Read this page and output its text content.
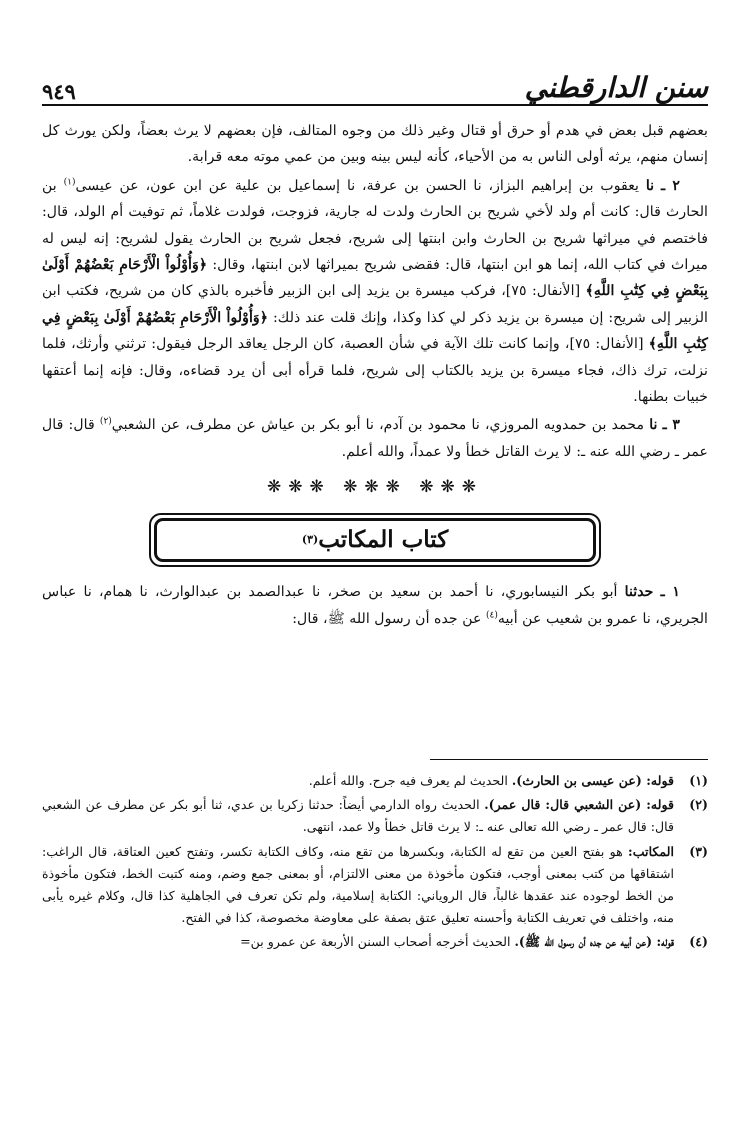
سنن الدارقطني
٩٤٩

بعضهم قبل بعض في هدم أو حرق أو قتال وغير ذلك من وجوه المتالف، فإن بعضهم لا يرث بعضاً، ولكن يورث كل إنسان منهم، يرثه أولى الناس به من الأحياء، كأنه ليس بينه وبين من عمي موته معه قرابة.

٢ ـ نا يعقوب بن إبراهيم البزاز، نا الحسن بن عرفة، نا إسماعيل بن علية عن ابن عون، عن عيسى$^{(١)}$ بن الحارث قال: كانت أم ولد لأخي شريح بن الحارث ولدت له جارية، فزوجت، فولدت غلاماً، ثم توفيت أم الولد، قال: فاختصم في ميراثها شريح بن الحارث وابن ابنتها إلى شريح، فجعل شريح بن الحارث يقول لشريح: إنه ليس له ميراث في كتاب الله، إنما هو ابن ابنتها، قال: فقضى شريح بميراثها لابن ابنتها، وقال: ﴿وَأُوْلُواْ الْأَرْحَامِ بَعْضُهُمْ أَوْلَىٰ بِبَعْضٍ فِي كِتَٰبِ اللَّهِ﴾ [الأنفال: ٧٥]، فركب ميسرة بن يزيد إلى ابن الزبير فأخبره بالذي كان من شريح، فكتب ابن الزبير إلى شريح: إن ميسرة بن يزيد ذكر لي كذا وكذا، وإنك قلت عند ذلك: ﴿وَأُوْلُواْ الْأَرْحَامِ بَعْضُهُمْ أَوْلَىٰ بِبَعْضٍ فِي كِتَٰبِ اللَّهِ﴾ [الأنفال: ٧٥]، وإنما كانت تلك الآية في شأن العصبة، كان الرجل يعاقد الرجل فيقول: ترثني وأرثك، فلما نزلت، ترك ذاك، فجاء ميسرة بن يزيد بالكتاب إلى شريح، فلما قرأه أبى أن يرد قضاءه، وقال: فإنه إنما أعتقها خبيات بطنها.

٣ ـ نا محمد بن حمدويه المروزي، نا محمود بن آدم، نا أبو بكر بن عياش عن مطرف، عن الشعبي$^{(٢)}$ قال: قال عمر ـ رضي الله عنه ـ: لا يرث القاتل خطأ ولا عمداً، والله أعلم.

❋❋❋ ❋❋❋ ❋❋❋
كتاب المكاتب
(٣)

١ ـ حدثنا أبو بكر النيسابوري، نا أحمد بن سعيد بن صخر، نا عبدالصمد بن عبدالوارث، نا همام، نا عباس الجريري، نا عمرو بن شعيب عن أبيه$^{(٤)}$ عن جده أن رسول الله ﷺ، قال:

(١)
قوله: (عن عيسى بن الحارث). الحديث لم يعرف فيه جرح. والله أعلم.
(٢)
قوله: (عن الشعبي قال: قال عمر). الحديث رواه الدارمي أيضاً: حدثنا زكريا بن عدي، ثنا أبو بكر عن مطرف عن الشعبي قال: قال عمر ـ رضي الله تعالى عنه ـ: لا يرث قاتل خطأ ولا عمد، انتهى.
(٣)
المكاتب: هو بفتح العين من تقع له الكتابة، وبكسرها من تقع منه، وكاف الكتابة تكسر، وتفتح كعين العتاقة، قال الراغب: اشتقاقها من كتب بمعنى أوجب، فتكون مأخوذة من معنى الالتزام، أو بمعنى جمع وضم، ومنه كتبت الخط، فتكون مأخوذة من الخط لوجوده عند عقدها غالباً، قال الروياني: الكتابة إسلامية، ولم تكن تعرف في الجاهلية كذا قال، وكلام غيره يأبى منه، واختلف في تعريف الكتابة وأحسنه تعليق عتق بصفة على معاوضة مخصوصة، كذا في الفتح.
(٤)
قوله: (عن أبيه عن جده أن رسول الله ﷺ). الحديث أخرجه أصحاب السنن الأربعة عن عمرو بن=
